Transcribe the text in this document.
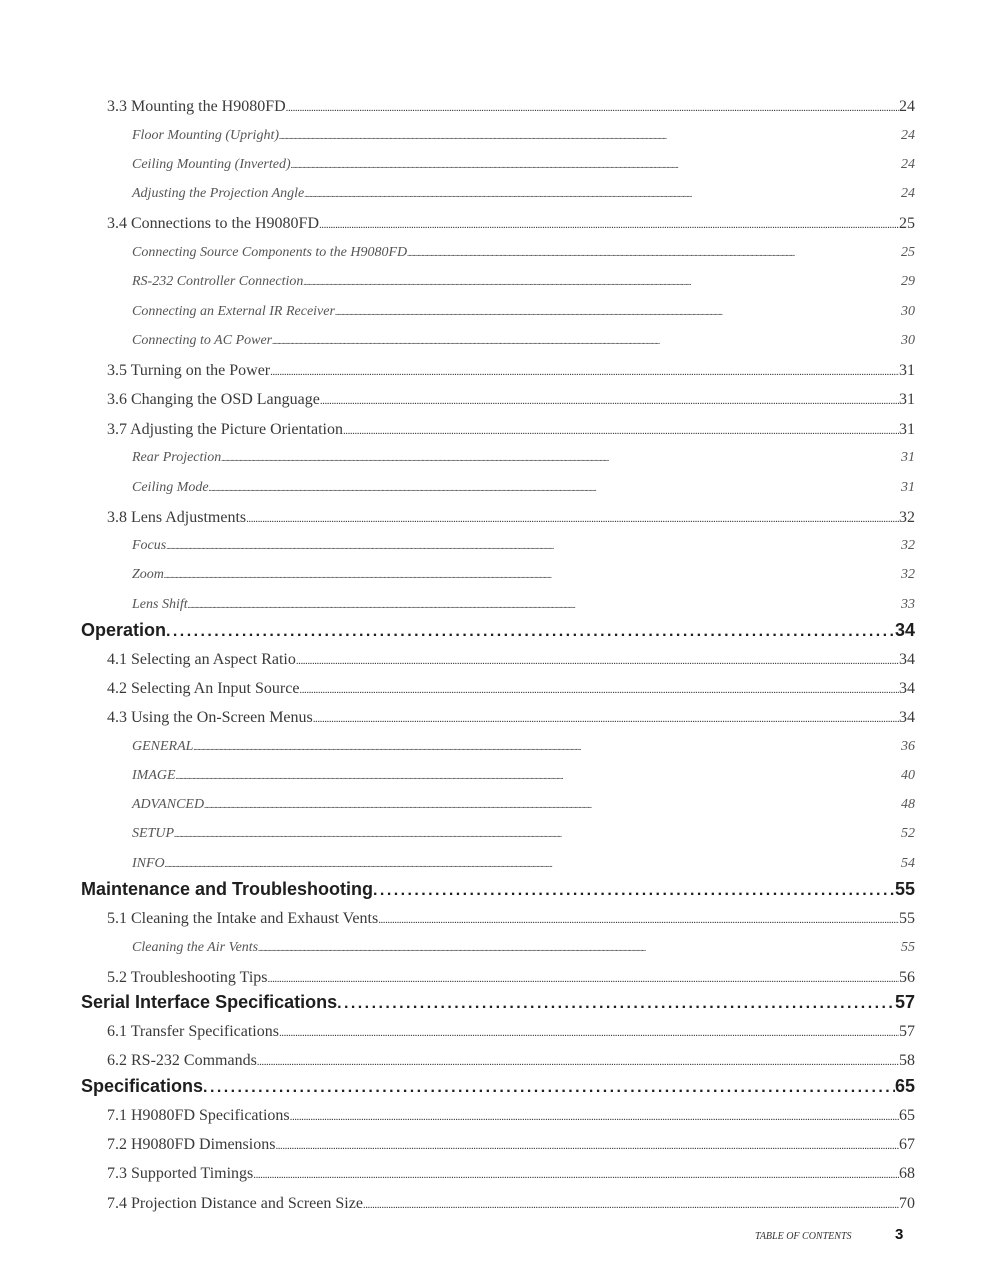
3.3 Mounting the H9080FD . . .	24
Floor Mounting (Upright) . . .	24
Ceiling Mounting (Inverted) . . .	24
Adjusting the Projection Angle . . .	24
3.4 Connections to the H9080FD . . .	25
Connecting Source Components to the H9080FD . . .	25
RS-232 Controller Connection . . .	29
Connecting an External IR Receiver . . .	30
Connecting to AC Power . . .	30
3.5 Turning on the Power . . .	31
3.6 Changing the OSD Language . . .	31
3.7 Adjusting the Picture Orientation . . .	31
Rear Projection . . .	31
Ceiling Mode . . .	31
3.8 Lens Adjustments . . .	32
Focus . . .	32
Zoom . . .	32
Lens Shift . . .	33
Operation . . .	34
4.1 Selecting an Aspect Ratio . . .	34
4.2 Selecting An Input Source . . .	34
4.3 Using the On-Screen Menus . . .	34
GENERAL . . .	36
IMAGE . . .	40
ADVANCED . . .	48
SETUP . . .	52
INFO . . .	54
Maintenance and Troubleshooting . . .	55
5.1 Cleaning the Intake and Exhaust Vents . . .	55
Cleaning the Air Vents . . .	55
5.2 Troubleshooting Tips . . .	56
Serial Interface Specifications . . .	57
6.1 Transfer Specifications . . .	57
6.2 RS-232 Commands . . .	58
Specifications . . .	65
7.1 H9080FD Specifications . . .	65
7.2 H9080FD Dimensions . . .	67
7.3 Supported Timings . . .	68
7.4 Projection Distance and Screen Size . . .	70
TABLE OF CONTENTS	3
